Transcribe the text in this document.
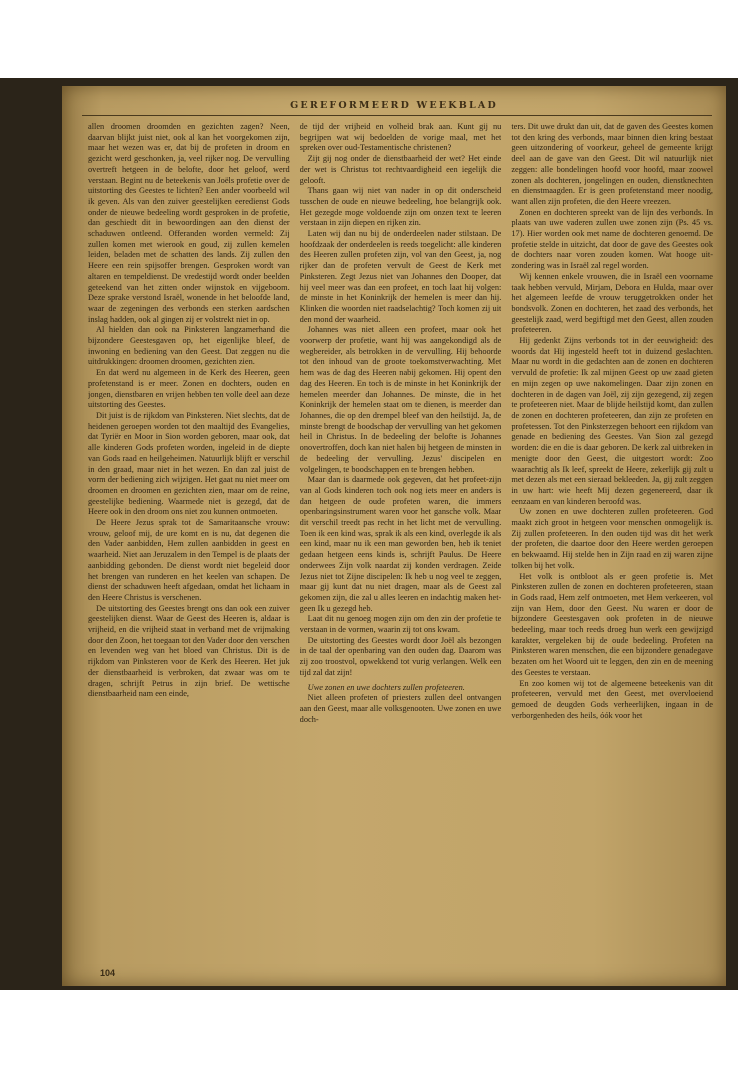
GEREFORMEERD WEEKBLAD

allen droomen droomden en gezichten zagen? Neen, daarvan blijkt juist niet, ook al kan het voorgekomen zijn, maar het wezen was er, dat bij de profeten in droom en gezicht werd geschonken, ja, veel rijker nog. De vervulling overtreft hetgeen in de belofte, door het geloof, werd verstaan. Begint nu de beteekenis van Joëls profetie over de uitstorting des Geestes te lichten? Een ander voorbeeld wil ik geven. Als van den zuiver geestelijken eeredienst Gods onder de nieuwe bedeeling wordt gesproken in de profetie, dan geschiedt dit in bewoordingen aan den dienst der schaduwen ontleend. Offeranden worden vermeld: Zij zullen komen met wierook en goud, zij zullen kemelen leiden, beladen met de schatten des lands. Zij zullen den Heere een rein spijsoffer brengen. Gesproken wordt van altaren en tempeldienst. De vredestijd wordt onder beelden geteekend van het zitten onder wijnstok en vijgeboom. Deze sprake verstond Israël, wonende in het beloofde land, waar de zegeningen des verbonds een sterken aardschen inslag hadden, ook al gingen zij er volstrekt niet in op.

Al hielden dan ook na Pinksteren langzamerhand die bijzondere Geestesgaven op, het eigenlijke bleef, de inwoning en bediening van den Geest. Dat zeggen nu die uitdrukkingen: droomen droomen, gezichten zien.

En dat werd nu algemeen in de Kerk des Heeren, geen profetenstand is er meer. Zonen en dochters, ouden en jongen, dienstbaren en vrijen hebben ten volle deel aan deze uitstorting des Geestes.

Dit juist is de rijkdom van Pinksteren. Niet slechts, dat de heidenen geroepen worden tot den maaltijd des Evangelies, dat Tyriër en Moor in Sion worden geboren, maar ook, dat alle kinderen Gods profeten worden, ingeleid in de diepte van Gods raad en heilgeheimen. Natuurlijk blijft er verschil in den graad, maar niet in het wezen. En dan zal juist de vorm der bediening zich wijzigen. Het gaat nu niet meer om droomen en droomen en gezichten zien, maar om de reine, geestelijke bediening. Waarmede niet is gezegd, dat de Heere ook in den droom ons niet zou kunnen ontmoeten.

De Heere Jezus sprak tot de Samaritaansche vrouw: vrouw, geloof mij, de ure komt en is nu, dat degenen die den Vader aanbidden, Hem zullen aanbidden in geest en waarheid. Niet aan Jeruzalem in den Tempel is de plaats der aanbidding gebonden. De dienst wordt niet begeleid door het brengen van runderen en het keelen van schapen. De dienst der schaduwen heeft afgedaan, omdat het lichaam in den Heere Christus is verschenen.

De uitstorting des Geestes brengt ons dan ook een zuiver geestelijken dienst. Waar de Geest des Heeren is, aldaar is vrijheid, en die vrijheid staat in verband met de vrijmaking door den Zoon, het toegaan tot den Vader door den verschen en levenden weg van het bloed van Christus. Dit is de rijkdom van Pinksteren voor de Kerk des Heeren. Het juk der dienstbaarheid is verbroken, dat zwaar was om te dragen, schrijft Petrus in zijn brief. De wettische dienstbaarheid nam een einde,

de tijd der vrijheid en volheid brak aan. Kunt gij nu begrijpen wat wij bedoelden de vorige maal, met het spreken over oud-Testamentische christenen?

Zijt gij nog onder de dienstbaarheid der wet? Het einde der wet is Christus tot rechtvaardigheid een iegelijk die gelooft.

Thans gaan wij niet van nader in op dit onderscheid tusschen de oude en nieuwe bedeeling, hoe belangrijk ook. Het gezegde moge voldoende zijn om onzen text te leeren verstaan in zijn diepen en rijken zin.

Laten wij dan nu bij de onderdeelen nader stilstaan. De hoofdzaak der onderdeelen is reeds toegelicht: alle kinderen des Heeren zullen profeten zijn, vol van den Geest, ja, nog rijker dan de profeten vervult de Geest de Kerk met Pinksteren. Zegt Jezus niet van Johannes den Dooper, dat hij veel meer was dan een profeet, en toch laat hij volgen: de minste in het Koninkrijk der hemelen is meer dan hij. Klinken die woorden niet raadselachtig? Toch komen zij uit den mond der waarheid.

Johannes was niet alleen een profeet, maar ook het voorwerp der profetie, want hij was aangekondigd als de wegbereider, als betrokken in de vervulling. Hij behoorde tot den inhoud van de groote toekomstverwachting. Met hem was de dag des Heeren nabij gekomen. Hij opent den dag des Heeren. En toch is de minste in het Koninkrijk der hemelen meerder dan Johannes. De minste, die in het Koninkrijk der hemelen staat om te dienen, is meerder dan Johannes, die op den drempel bleef van den heilstijd. Ja, de minste brengt de boodschap der vervulling van het gekomen heil in Christus. In de bedeeling der belofte is Johannes onovertroffen, doch kan niet halen bij hetgeen de minsten in de bedeeling der vervulling. Jezus' discipelen en volgelingen, te boodschappen en te brengen hebben.

Maar dan is daarmede ook gegeven, dat het profeet-zijn van al Gods kinderen toch ook nog iets meer en anders is dan hetgeen de oude profeten waren, die immers openbaringsinstrument waren voor het gansche volk. Maar dit verschil treedt pas recht in het licht met de vervulling. Toen ik een kind was, sprak ik als een kind, overlegde ik als een kind, maar nu ik een man geworden ben, heb ik teniet gedaan hetgeen eens kinds is, schrijft Paulus. De Heere onderwees Zijn volk naardat zij konden verdragen. Zeide Jezus niet tot Zijne discipelen: Ik heb u nog veel te zeggen, maar gij kunt dat nu niet dragen, maar als de Geest zal gekomen zijn, die zal u alles leeren en indachtig maken hetgeen Ik u gezegd heb.

Laat dit nu genoeg mogen zijn om den zin der profetie te verstaan in de vormen, waarin zij tot ons kwam.

De uitstorting des Geestes wordt door Joël als bezongen in de taal der openbaring van den ouden dag. Daarom was zij zoo troostvol, opwekkend tot vurig verlangen. Welk een tijd zal dat zijn!

Uwe zonen en uwe dochters zullen profeteeren.

Niet alleen profeten of priesters zullen deel ontvangen aan den Geest, maar alle volksgenooten. Uwe zonen en uwe doch-

ters. Dit uwe drukt dan uit, dat de gaven des Geestes komen tot den kring des verbonds, maar binnen dien kring bestaat geen uitzondering of voorkeur, geheel de gemeente krijgt deel aan de gave van den Geest. Dit wil natuurlijk niet zeggen: alle bondelingen hoofd voor hoofd, maar zoowel zonen als dochteren, jongelingen en ouden, dienstknechten en dienstmaagden. Er is geen profetenstand meer noodig, want allen zijn profeten, die den Heere vreezen.

Zonen en dochteren spreekt van de lijn des verbonds. In plaats van uwe vaderen zullen uwe zonen zijn (Ps. 45 vs. 17). Hier worden ook met name de dochteren genoemd. De profetie stelde in uitzicht, dat door de gave des Geestes ook de dochters naar voren zouden komen. Wat hooge uitzondering was in Israël zal regel worden.

Wij kennen enkele vrouwen, die in Israël een voorname taak hebben vervuld, Mirjam, Debora en Hulda, maar over het algemeen leefde de vrouw teruggetrokken onder het bondsvolk. Zonen en dochteren, het zaad des verbonds, het geestelijk zaad, werd begiftigd met den Geest, allen zouden profeteeren.

Hij gedenkt Zijns verbonds tot in der eeuwigheid: des woords dat Hij ingesteld heeft tot in duizend geslachten. Maar nu wordt in die gedachten aan de zonen en dochteren vervuld de profetie: Ik zal mijnen Geest op uw zaad gieten en mijn zegen op uwe nakomelingen. Daar zijn zonen en dochteren in de dagen van Joël, zij zijn gezegend, zij zegen te profeteeren niet. Maar de blijde heilstijd komt, dan zullen de zonen en dochteren profeteeren, dan zijn ze profeten en profetessen. Tot den Pinksterzegen behoort een rijkdom van genade en bediening des Geestes. Van Sion zal gezegd worden: die en die is daar geboren. De kerk zal uitbreken in menigte door den Geest, die uitgestort wordt: Zoo waarachtig als Ik leef, spreekt de Heere, zekerlijk gij zult u met dezen als met een sieraad bekleeden. Ja, gij zult zeggen in uw hart: wie heeft Mij dezen gegenereerd, daar ik eenzaam en van kinderen beroofd was.

Uw zonen en uwe dochteren zullen profeteeren. God maakt zich groot in hetgeen voor menschen onmogelijk is. Zij zullen profeteeren. In den ouden tijd was dit het werk der profeten, die daartoe door den Heere werden geroepen en bekwaamd. Hij stelde hen in Zijn raad en zij waren zijne tolken bij het volk.

Het volk is ontbloot als er geen profetie is. Met Pinksteren zullen de zonen en dochteren profeteeren, staan in Gods raad, Hem zelf ontmoeten, met Hem verkeeren, vol zijn van Hem, door den Geest. Nu waren er door de bijzondere Geestesgaven ook profeten in de nieuwe bedeeling, maar toch reeds droeg hun werk een gewijzigd karakter, vergeleken bij de oude bedeeling. Profeten na Pinksteren waren menschen, die een bijzondere genadegave bezaten om het Woord uit te leggen, den zin en de meening des Geestes te verstaan.

En zoo komen wij tot de algemeene beteekenis van dit profeteeren, vervuld met den Geest, met overvloeiend gemoed de deugden Gods verheerlijken, ingaan in de verborgenheden des heils, óók voor het

104
